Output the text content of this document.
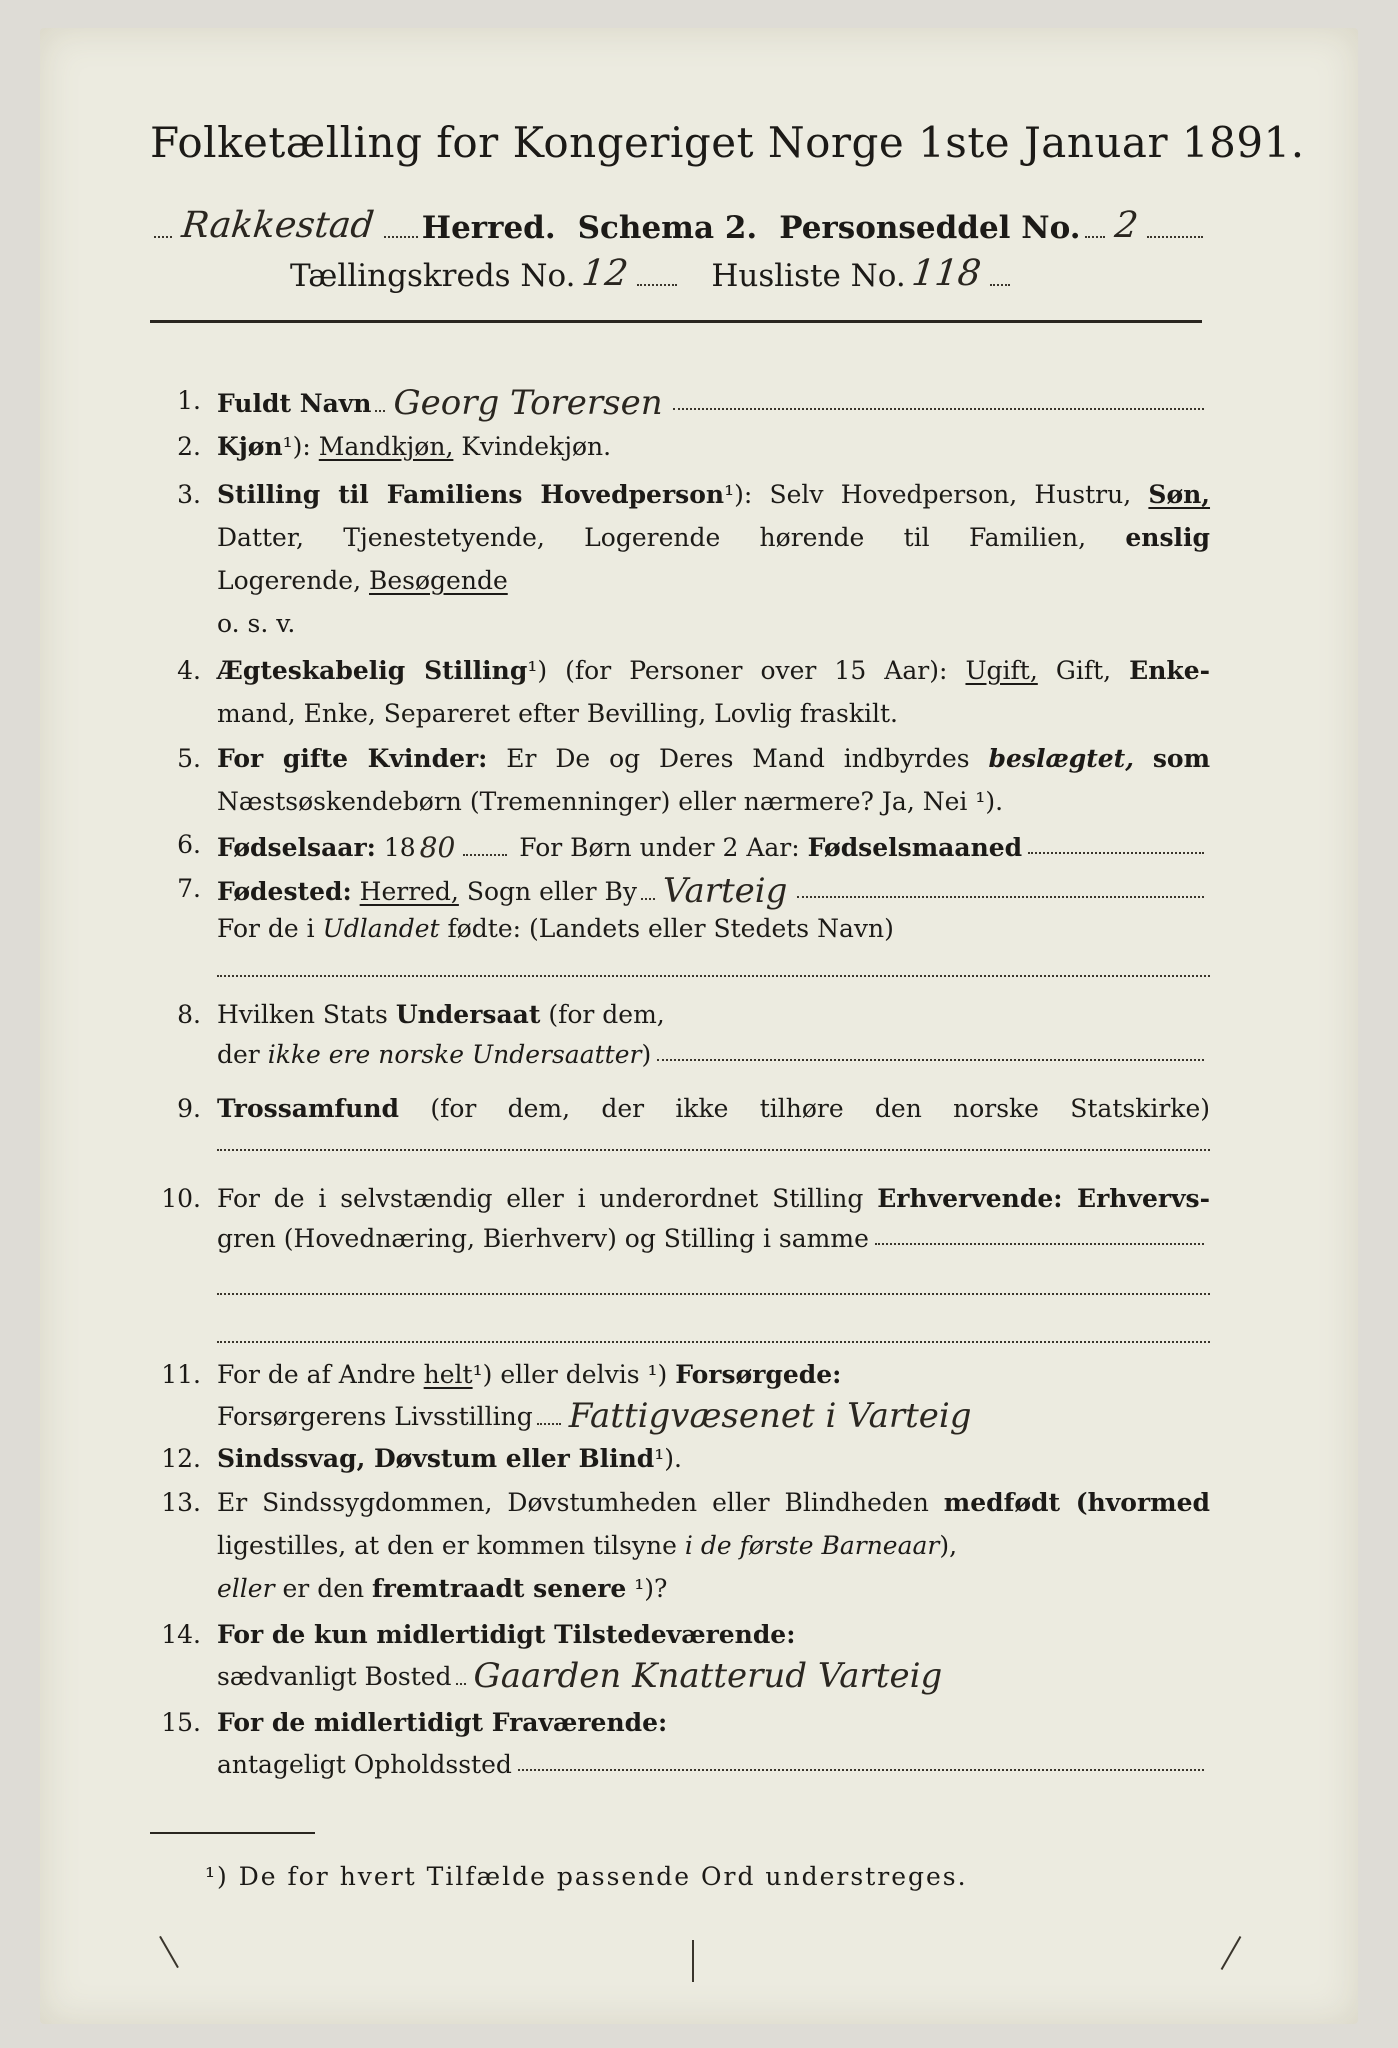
Folketælling for Kongeriget Norge 1ste Januar 1891.
Rakkestad Herred. Schema 2. Personseddel No. 2
Tællingskreds No. 12	Husliste No. 118
1. Fuldt Navn Georg Torersen
2. Kjøn¹): Mandkjøn, Kvindekjøn.
3. Stilling til Familiens Hovedperson¹): Selv Hovedperson, Hustru, Søn,
Datter, Tjenestetyende, Logerende hørende til Familien, enslig
Logerende, Besøgende
o. s. v.
4. Ægteskabelig Stilling¹) (for Personer over 15 Aar): Ugift, Gift, Enke-
mand, Enke, Separeret efter Bevilling, Lovlig fraskilt.
5. For gifte Kvinder: Er De og Deres Mand indbyrdes beslægtet, som
Næstsøskendebørn (Tremenninger) eller nærmere? Ja, Nei ¹).
6. Fødselsaar:
18 80
	For Børn under 2 Aar:
Fødselsmaaned
7. Fødested:
Herred,
Sogn eller By Varteig
For de i Udlandet fødte: (Landets eller Stedets Navn)
8. Hvilken Stats Undersaat (for dem,
der
ikke ere norske Undersaatter )
9. Trossamfund (for dem, der ikke tilhøre den norske Statskirke)
10. For de i selvstændig eller i underordnet Stilling Erhvervende: Erhvervs-
gren (Hovednæring, Bierhverv) og Stilling i samme
11. For de af Andre helt¹) eller delvis ¹) Forsørgede:
Forsørgerens Livsstilling Fattigvæsenet i Varteig
12. Sindssvag, Døvstum eller Blind¹).
13. Er Sindssygdommen, Døvstumheden eller Blindheden medfødt (hvormed
ligestilles, at den er kommen tilsyne i de første Barneaar),
eller er den fremtraadt senere ¹)?
14. For de kun midlertidigt Tilstedeværende:
sædvanligt Bosted Gaarden Knatterud Varteig
15. For de midlertidigt Fraværende:
antageligt Opholdssted
¹) De for hvert Tilfælde passende Ord understreges.
